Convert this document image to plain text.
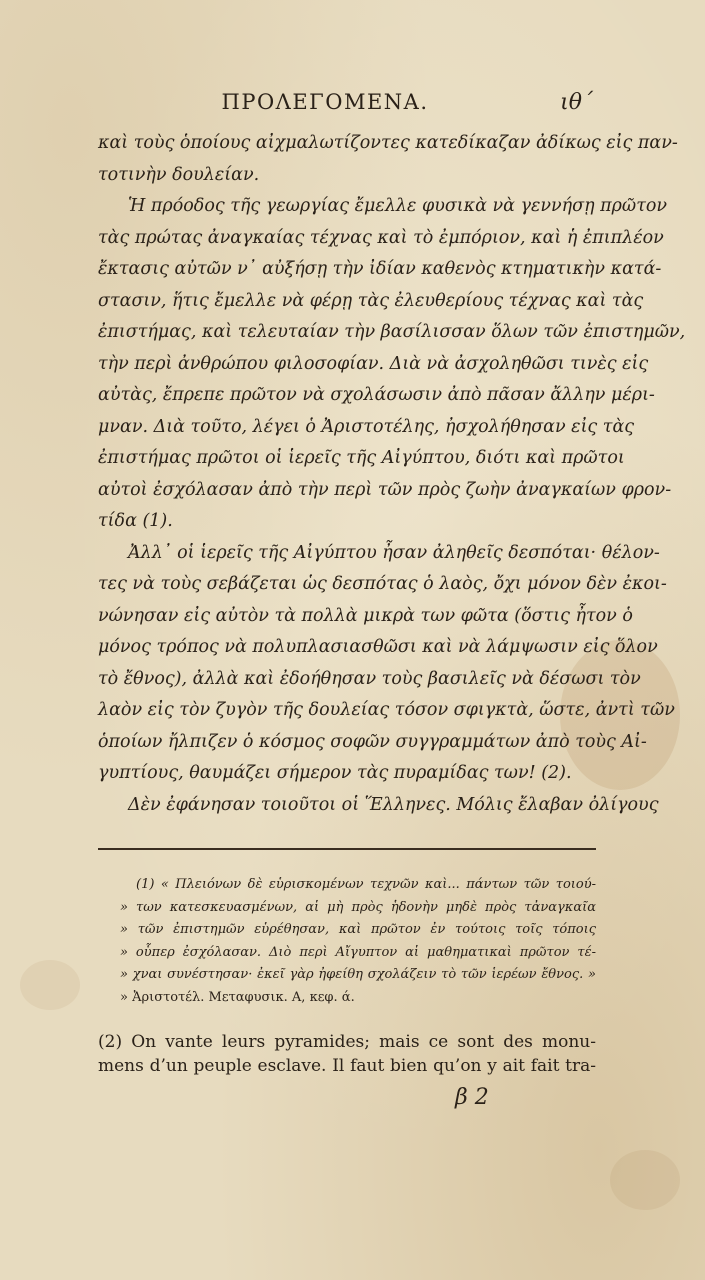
ΠΡΟΛΕΓΟΜΕΝΑ.	ιθ΄
καὶ τοὺς ὁποίους αἰχμαλωτίζοντες κατεδίκαζαν ἀδίκως εἰς παν-
τοτινὴν δουλείαν.
Ἡ πρόοδος τῆς γεωργίας ἔμελλε φυσικὰ νὰ γεννήσῃ πρῶτον
τὰς πρώτας ἀναγκαίας τέχνας καὶ τὸ ἐμπόριον, καὶ ἡ ἐπιπλέον
ἔκτασις αὐτῶν ν᾽ αὐξήσῃ τὴν ἰδίαν καθενὸς κτηματικὴν κατά-
στασιν, ἥτις ἔμελλε νὰ φέρῃ τὰς ἐλευθερίους τέχνας καὶ τὰς
ἐπιστήμας, καὶ τελευταίαν τὴν βασίλισσαν ὅλων τῶν ἐπιστημῶν,
τὴν περὶ ἀνθρώπου φιλοσοφίαν. Διὰ νὰ ἀσχοληθῶσι τινὲς εἰς
αὐτὰς, ἔπρεπε πρῶτον νὰ σχολάσωσιν ἀπὸ πᾶσαν ἄλλην μέρι-
μναν. Διὰ τοῦτο, λέγει ὁ Ἀριστοτέλης, ἠσχολήθησαν εἰς τὰς
ἐπιστήμας πρῶτοι οἱ ἱερεῖς τῆς Αἰγύπτου, διότι καὶ πρῶτοι
αὐτοὶ ἐσχόλασαν ἀπὸ τὴν περὶ τῶν πρὸς ζωὴν ἀναγκαίων φρον-
τίδα (1).
Ἀλλ᾽ οἱ ἱερεῖς τῆς Αἰγύπτου ἦσαν ἀληθεῖς δεσπόται· θέλον-
τες νὰ τοὺς σεβάζεται ὡς δεσπότας ὁ λαὸς, ὄχι μόνον δὲν ἐκοι-
νώνησαν εἰς αὐτὸν τὰ πολλὰ μικρὰ των φῶτα (ὅστις ἦτον ὁ
μόνος τρόπος νὰ πολυπλασιασθῶσι καὶ νὰ λάμψωσιν εἰς ὅλον
τὸ ἔθνος), ἀλλὰ καὶ ἐδοήθησαν τοὺς βασιλεῖς νὰ δέσωσι τὸν
λαὸν εἰς τὸν ζυγὸν τῆς δουλείας τόσον σφιγκτὰ, ὥστε, ἀντὶ τῶν
ὁποίων ἤλπιζεν ὁ κόσμος σοφῶν συγγραμμάτων ἀπὸ τοὺς Αἰ-
γυπτίους, θαυμάζει σήμερον τὰς πυραμίδας των! (2).
Δὲν ἐφάνησαν τοιοῦτοι οἱ Ἕλληνες. Μόλις ἔλαβαν ὀλίγους
(1) « Πλειόνων δὲ εὑρισκομένων τεχνῶν καὶ... πάντων τῶν τοιού-
» των κατεσκευασμένων, αἱ μὴ πρὸς ἡδονὴν μηδὲ πρὸς τἀναγκαῖα
» τῶν ἐπιστημῶν εὑρέθησαν, καὶ πρῶτον ἐν τούτοις τοῖς τόποις
» οὗπερ ἐσχόλασαν. Διὸ περὶ Αἴγυπτον αἱ μαθηματικαὶ πρῶτον τέ-
» χναι συνέστησαν· ἐκεῖ γὰρ ἠφείθη σχολάζειν τὸ τῶν ἱερέων ἔθνος. »
» Ἀριστοτέλ. Μεταφυσικ. Α, κεφ. ά.
(2) On vante leurs pyramides; mais ce sont des monu-
mens d’un peuple esclave. Il faut bien qu’on y ait fait tra-
β 2
